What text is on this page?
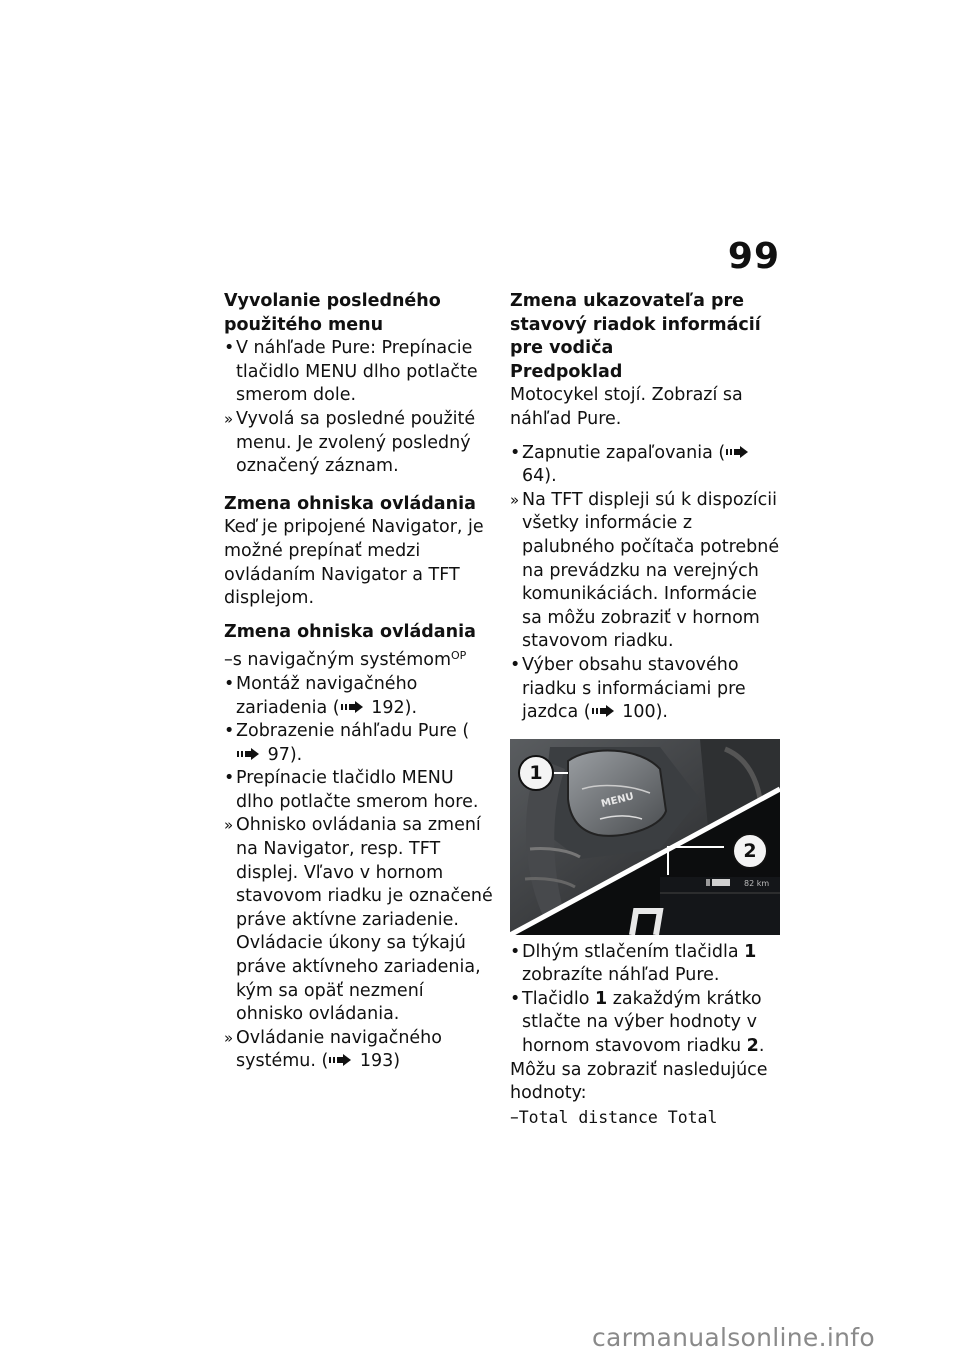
99

Vyvolanie posledného použitého menu

• V náhľade Pure: Prepínacie tlačidlo MENU dlho potlačte smerom dole.
» Vyvolá sa posledné použité menu. Je zvolený posledný označený záznam.

Zmena ohniska ovládania

Keď je pripojené Navigator, je možné prepínať medzi ovládaním Navigator a TFT displejom.

Zmena ohniska ovládania

–s navigačným systémom$^{OP}$

• Montáž navigačného zariadenia ( 192).
• Zobrazenie náhľadu Pure ( 97).
• Prepínacie tlačidlo MENU dlho potlačte smerom hore.
» Ohnisko ovládania sa zmení na Navigator, resp. TFT displej. Vľavo v hornom stavovom riadku je označené práve aktívne zariadenie. Ovládacie úkony sa týkajú práve aktívneho zariadenia, kým sa opäť nezmení ohnisko ovládania.
» Ovládanie navigačného systému. ( 193)

Zmena ukazovateľa pre stavový riadok informácií pre vodiča

Predpoklad

Motocykel stojí. Zobrazí sa náhľad Pure.

• Zapnutie zapaľovania ( 64).
» Na TFT displeji sú k dispozícii všetky informácie z palubného počítača potrebné na prevádzku na verejných komunikáciách. Informácie sa môžu zobraziť v hornom stavovom riadku.
• Výber obsahu stavového riadku s informáciami pre jazdca ( 100).
MENU
82 km
1
2
• Dlhým stlačením tlačidla 1 zobrazíte náhľad Pure.
• Tlačidlo 1 zakaždým krátko stlačte na výber hodnoty v hornom stavovom riadku 2.

Môžu sa zobraziť nasledujúce hodnoty:

–Total distance Total

carmanualsonline.info
